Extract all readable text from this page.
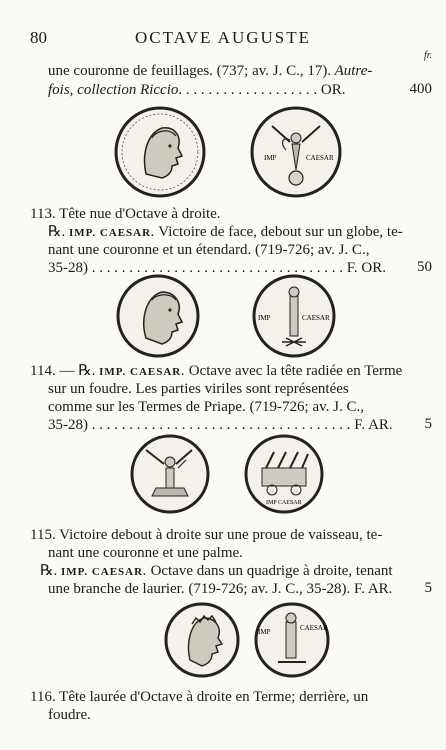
80	OCTAVE AUGUSTE
fr.
une couronne de feuillages. (737; av. J. C., 17). Autre-
fois, collection Riccio. . . . . . . . . . . . . . . . . . . OR.	400
IMP	CAESAR
113. Tête nue d'Octave à droite.
℞. IMP. CAESAR. Victoire de face, debout sur un globe, te-
nant une couronne et un étendard. (719-726; av. J. C.,
35-28) . . . . . . . . . . . . . . . . . . . . . . . . . . . . . . . . . . F. OR. 50
IMP	CAESAR
114. — ℞. IMP. CAESAR. Octave avec la tête radiée en Terme
sur un foudre. Les parties viriles sont représentées
comme sur les Termes de Priape. (719-726; av. J. C.,
35-28) . . . . . . . . . . . . . . . . . . . . . . . . . . . . . . . . . . . F. AR. 5
IMP CAESAR
115. Victoire debout à droite sur une proue de vaisseau, te-
nant une couronne et une palme.
℞. IMP. CAESAR. Octave dans un quadrige à droite, tenant
une branche de laurier. (719-726; av. J. C., 35-28). F. AR. 5
IMP	CAESAR
116. Tête laurée d'Octave à droite en Terme; derrière, un
foudre.
